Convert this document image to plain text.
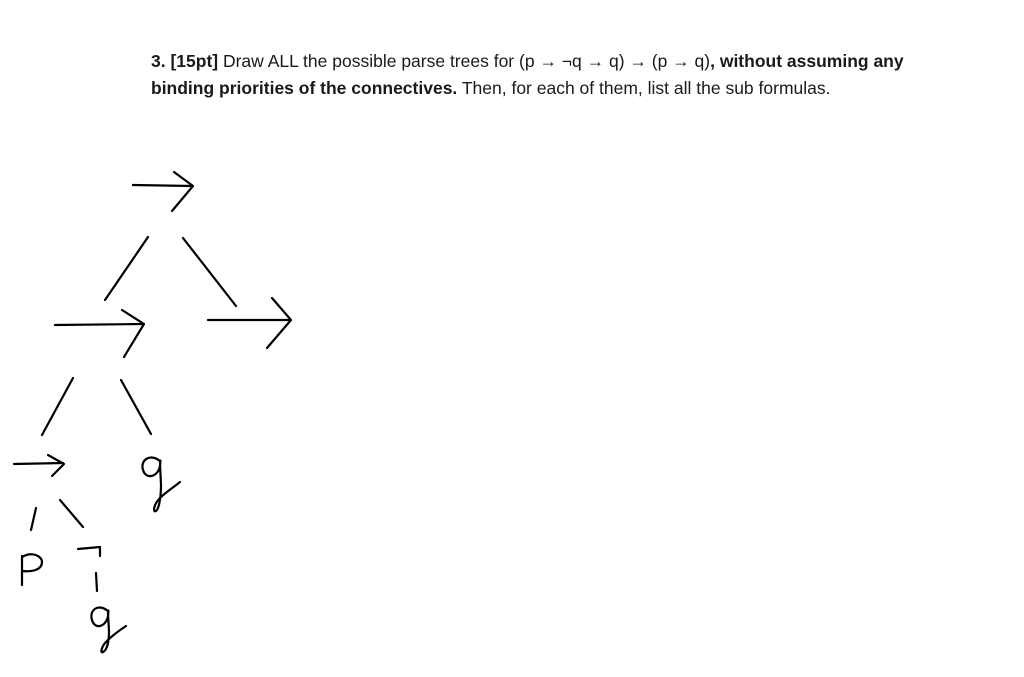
3. [15pt] Draw ALL the possible parse trees for (p → ¬q → q) → (p → q), without assuming any binding priorities of the connectives. Then, for each of them, list all the sub formulas.
